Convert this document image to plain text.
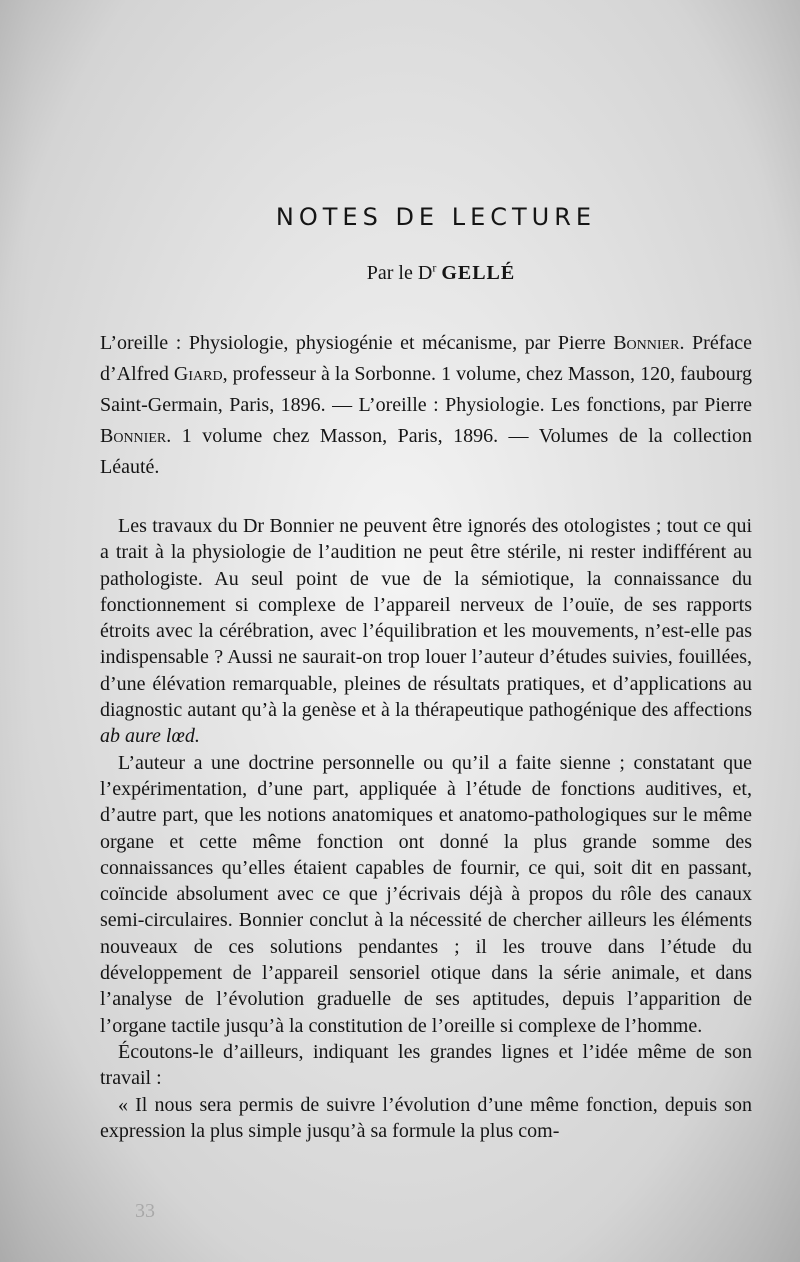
NOTES DE LECTURE
Par le $D^r$ GELLÉ
L’oreille : Physiologie, physiogénie et mécanisme, par Pierre Bonnier. Préface d’Alfred Giard, professeur à la Sorbonne. 1 volume, chez Masson, 120, faubourg Saint-Germain, Paris, 1896. — L’oreille : Physiologie. Les fonctions, par Pierre Bonnier. 1 volume chez Masson, Paris, 1896. — Volumes de la collection Léauté.

Les travaux du Dr Bonnier ne peuvent être ignorés des otologistes ; tout ce qui a trait à la physiologie de l’audition ne peut être stérile, ni rester indifférent au pathologiste. Au seul point de vue de la sémiotique, la connaissance du fonctionnement si complexe de l’appareil nerveux de l’ouïe, de ses rapports étroits avec la cérébration, avec l’équilibration et les mouvements, n’est-elle pas indispensable ? Aussi ne saurait-on trop louer l’auteur d’études suivies, fouillées, d’une élévation remarquable, pleines de résultats pratiques, et d’applications au diagnostic autant qu’à la genèse et à la thérapeutique pathogénique des affections ab aure lœd.

L’auteur a une doctrine personnelle ou qu’il a faite sienne ; constatant que l’expérimentation, d’une part, appliquée à l’étude de fonctions auditives, et, d’autre part, que les notions anatomiques et anatomo-pathologiques sur le même organe et cette même fonction ont donné la plus grande somme des connaissances qu’elles étaient capables de fournir, ce qui, soit dit en passant, coïncide absolument avec ce que j’écrivais déjà à propos du rôle des canaux semi-circulaires. Bonnier conclut à la nécessité de chercher ailleurs les éléments nouveaux de ces solutions pendantes ; il les trouve dans l’étude du développement de l’appareil sensoriel otique dans la série animale, et dans l’analyse de l’évolution graduelle de ses aptitudes, depuis l’apparition de l’organe tactile jusqu’à la constitution de l’oreille si complexe de l’homme.

Écoutons-le d’ailleurs, indiquant les grandes lignes et l’idée même de son travail :

« Il nous sera permis de suivre l’évolution d’une même fonction, depuis son expression la plus simple jusqu’à sa formule la plus com-

33
